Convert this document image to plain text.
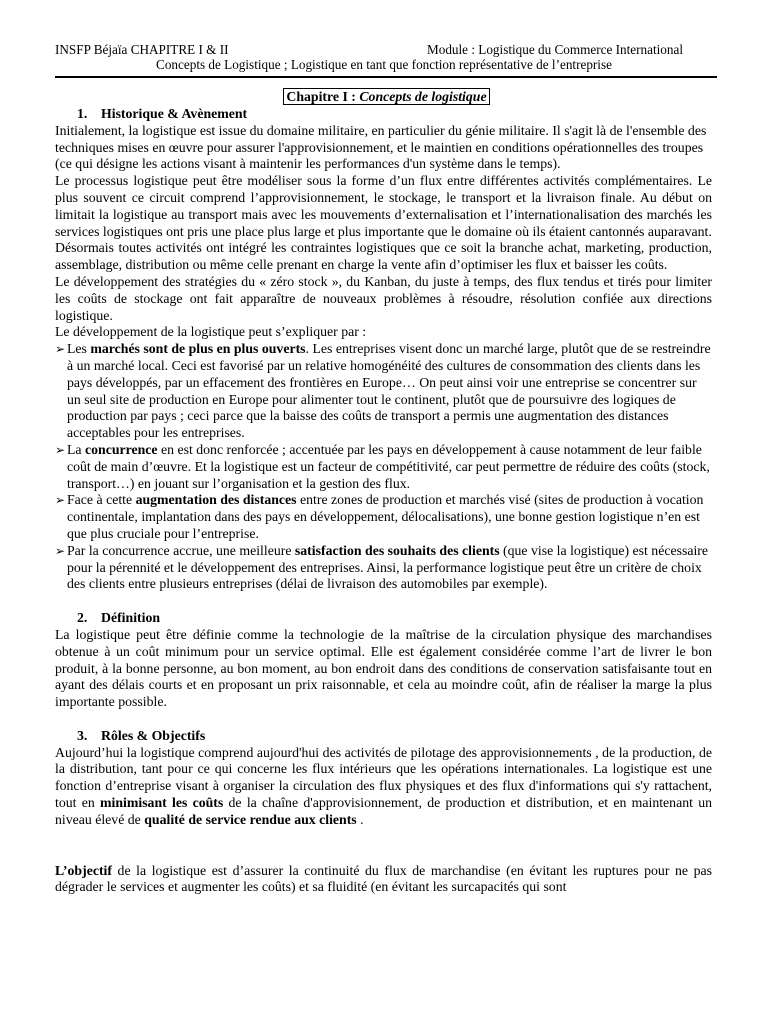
INSFP Béjaïa CHAPITRE I & II	Module : Logistique du Commerce International
Concepts de Logistique ; Logistique en tant que fonction représentative de l’entreprise
Chapitre I : Concepts de logistique
1. Historique & Avènement

Initialement, la logistique est issue du domaine militaire, en particulier du génie militaire. Il s'agit là de l'ensemble des techniques mises en œuvre pour assurer l'approvisionnement, et le maintien en conditions opérationnelles des troupes (ce qui désigne les actions visant à maintenir les performances d'un système dans le temps).

Le processus logistique peut être modéliser sous la forme d’un flux entre différentes activités complémentaires. Le plus souvent ce circuit comprend l’approvisionnement, le stockage, le transport et la livraison finale. Au début on limitait la logistique au transport mais avec les mouvements d’externalisation et l’internationalisation des marchés les services logistiques ont pris une place plus large et plus importante que le domaine où ils étaient cantonnés auparavant.

Désormais toutes activités ont intégré les contraintes logistiques que ce soit la branche achat, marketing, production, assemblage, distribution ou même celle prenant en charge la vente afin d’optimiser les flux et baisser les coûts.

Le développement des stratégies du « zéro stock », du Kanban, du juste à temps, des flux tendus et tirés pour limiter les coûts de stockage ont fait apparaître de nouveaux problèmes à résoudre, résolution confiée aux directions logistique.

Le développement de la logistique peut s’expliquer par :

➢ Les marchés sont de plus en plus ouverts. Les entreprises visent donc un marché large, plutôt que de se restreindre à un marché local. Ceci est favorisé par un relative homogénéité des cultures de consommation des clients dans les pays développés, par un effacement des frontières en Europe… On peut ainsi voir une entreprise se concentrer sur un seul site de production en Europe pour alimenter tout le continent, plutôt que de poursuivre des logiques de production par pays ; ceci parce que la baisse des coûts de transport a permis une augmentation des distances acceptables pour les entreprises.
➢ La concurrence en est donc renforcée ; accentuée par les pays en développement à cause notamment de leur faible coût de main d’œuvre. Et la logistique est un facteur de compétitivité, car peut permettre de réduire des coûts (stock, transport…) en jouant sur l’organisation et la gestion des flux.
➢ Face à cette augmentation des distances entre zones de production et marchés visé (sites de production à vocation continentale, implantation dans des pays en développement, délocalisations), une bonne gestion logistique n’en est que plus cruciale pour l’entreprise.
➢ Par la concurrence accrue, une meilleure satisfaction des souhaits des clients (que vise la logistique) est nécessaire pour la pérennité et le développement des entreprises. Ainsi, la performance logistique peut être un critère de choix des clients entre plusieurs entreprises (délai de livraison des automobiles par exemple).
2. Définition

La logistique peut être définie comme la technologie de la maîtrise de la circulation physique des marchandises obtenue à un coût minimum pour un service optimal. Elle est également considérée comme l’art de livrer le bon produit, à la bonne personne, au bon moment, au bon endroit dans des conditions de conservation satisfaisante tout en ayant des délais courts et en proposant un prix raisonnable, et cela au moindre coût, afin de réaliser la marge la plus importante possible.

3. Rôles & Objectifs

Aujourd’hui la logistique comprend aujourd'hui des activités de pilotage des approvisionnements , de la production, de la distribution, tant pour ce qui concerne les flux intérieurs que les opérations internationales. La logistique est une fonction d’entreprise visant à organiser la circulation des flux physiques et des flux d'informations qui s'y rattachent, tout en minimisant les coûts de la chaîne d'approvisionnement, de production et distribution, et en maintenant un niveau élevé de qualité de service rendue aux clients .

L’objectif de la logistique est d’assurer la continuité du flux de marchandise (en évitant les ruptures pour ne pas dégrader le services et augmenter les coûts) et sa fluidité (en évitant les surcapacités qui sont
